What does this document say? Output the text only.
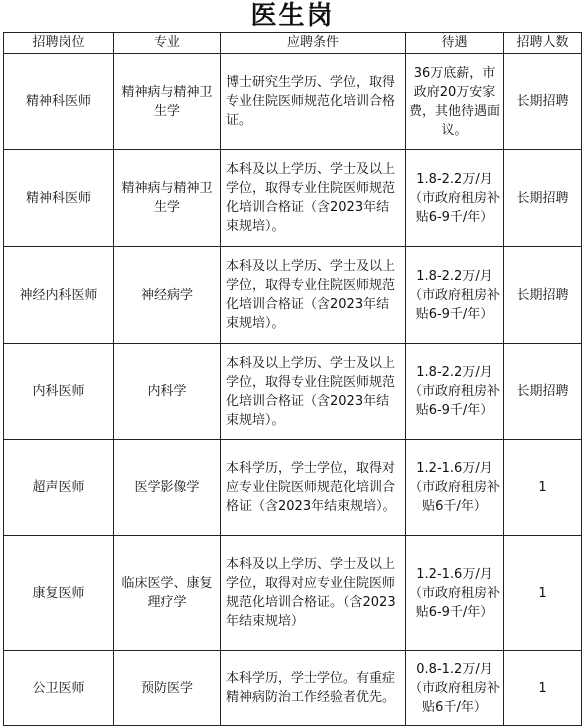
医生岗
招聘岗位	专业	应聘条件	待遇	招聘人数
精神科医师	精神病与精神卫生学	博士研究生学历、学位，取得专业住院医师规范化培训合格证。	36万底薪，市政府20万安家费，其他待遇面议。	长期招聘
精神科医师	精神病与精神卫生学	本科及以上学历、学士及以上学位，取得专业住院医师规范化培训合格证（含2023年结束规培）。	1.8-2.2万/月（市政府租房补贴6-9千/年）	长期招聘
神经内科医师	神经病学	本科及以上学历、学士及以上学位，取得专业住院医师规范化培训合格证（含2023年结束规培）。	1.8-2.2万/月（市政府租房补贴6-9千/年）	长期招聘
内科医师	内科学	本科及以上学历、学士及以上学位，取得专业住院医师规范化培训合格证（含2023年结束规培）。	1.8-2.2万/月（市政府租房补贴6-9千/年）	长期招聘
超声医师	医学影像学	本科学历，学士学位，取得对应专业住院医师规范化培训合格证（含2023年结束规培）。	1.2-1.6万/月（市政府租房补贴6千/年）	1
康复医师	临床医学、康复理疗学	本科及以上学历、学士及以上学位，取得对应专业住院医师规范化培训合格证。（含2023年结束规培）	1.2-1.6万/月（市政府租房补贴6-9千/年）	1
公卫医师	预防医学	本科学历，学士学位。有重症精神病防治工作经验者优先。	0.8-1.2万/月（市政府租房补贴6千/年）	1
